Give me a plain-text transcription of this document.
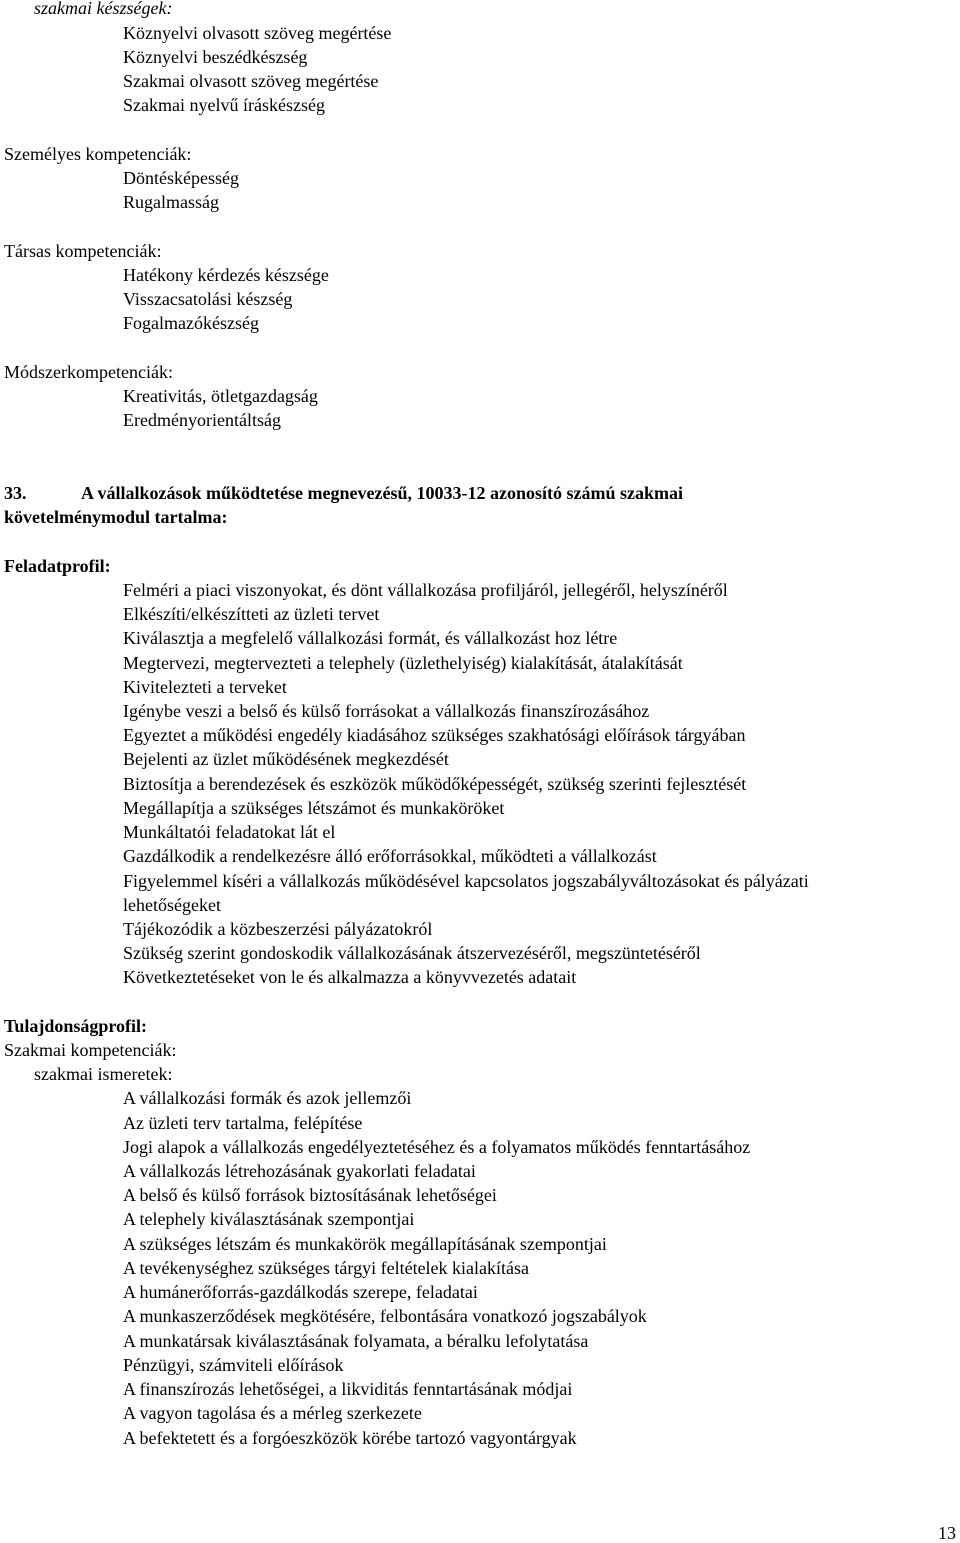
szakmai készségek:
Köznyelvi olvasott szöveg megértése
Köznyelvi beszédkészség
Szakmai olvasott szöveg megértése
Szakmai nyelvű íráskészség
Személyes kompetenciák:
Döntésképesség
Rugalmasság
Társas kompetenciák:
Hatékony kérdezés készsége
Visszacsatolási készség
Fogalmazókészség
Módszerkompetenciák:
Kreativitás, ötletgazdagság
Eredményorientáltság
33.	A vállalkozások működtetése megnevezésű, 10033-12 azonosító számú szakmai
követelménymodul tartalma:
Feladatprofil:
Felméri a piaci viszonyokat, és dönt vállalkozása profiljáról, jellegéről, helyszínéről
Elkészíti/elkészítteti az üzleti tervet
Kiválasztja a megfelelő vállalkozási formát, és vállalkozást hoz létre
Megtervezi, megtervezteti a telephely (üzlethelyiség) kialakítását, átalakítását
Kivitelezteti a terveket
Igénybe veszi a belső és külső forrásokat a vállalkozás finanszírozásához
Egyeztet a működési engedély kiadásához szükséges szakhatósági előírások tárgyában
Bejelenti az üzlet működésének megkezdését
Biztosítja a berendezések és eszközök működőképességét, szükség szerinti fejlesztését
Megállapítja a szükséges létszámot és munkaköröket
Munkáltatói feladatokat lát el
Gazdálkodik a rendelkezésre álló erőforrásokkal, működteti a vállalkozást
Figyelemmel kíséri a vállalkozás működésével kapcsolatos jogszabályváltozásokat és pályázati
lehetőségeket
Tájékozódik a közbeszerzési pályázatokról
Szükség szerint gondoskodik vállalkozásának átszervezéséről, megszüntetéséről
Következtetéseket von le és alkalmazza a könyvvezetés adatait
Tulajdonságprofil:
Szakmai kompetenciák:
szakmai ismeretek:
A vállalkozási formák és azok jellemzői
Az üzleti terv tartalma, felépítése
Jogi alapok a vállalkozás engedélyeztetéséhez és a folyamatos működés fenntartásához
A vállalkozás létrehozásának gyakorlati feladatai
A belső és külső források biztosításának lehetőségei
A telephely kiválasztásának szempontjai
A szükséges létszám és munkakörök megállapításának szempontjai
A tevékenységhez szükséges tárgyi feltételek kialakítása
A humánerőforrás-gazdálkodás szerepe, feladatai
A munkaszerződések megkötésére, felbontására vonatkozó jogszabályok
A munkatársak kiválasztásának folyamata, a béralku lefolytatása
Pénzügyi, számviteli előírások
A finanszírozás lehetőségei, a likviditás fenntartásának módjai
A vagyon tagolása és a mérleg szerkezete
A befektetett és a forgóeszközök körébe tartozó vagyontárgyak
13
